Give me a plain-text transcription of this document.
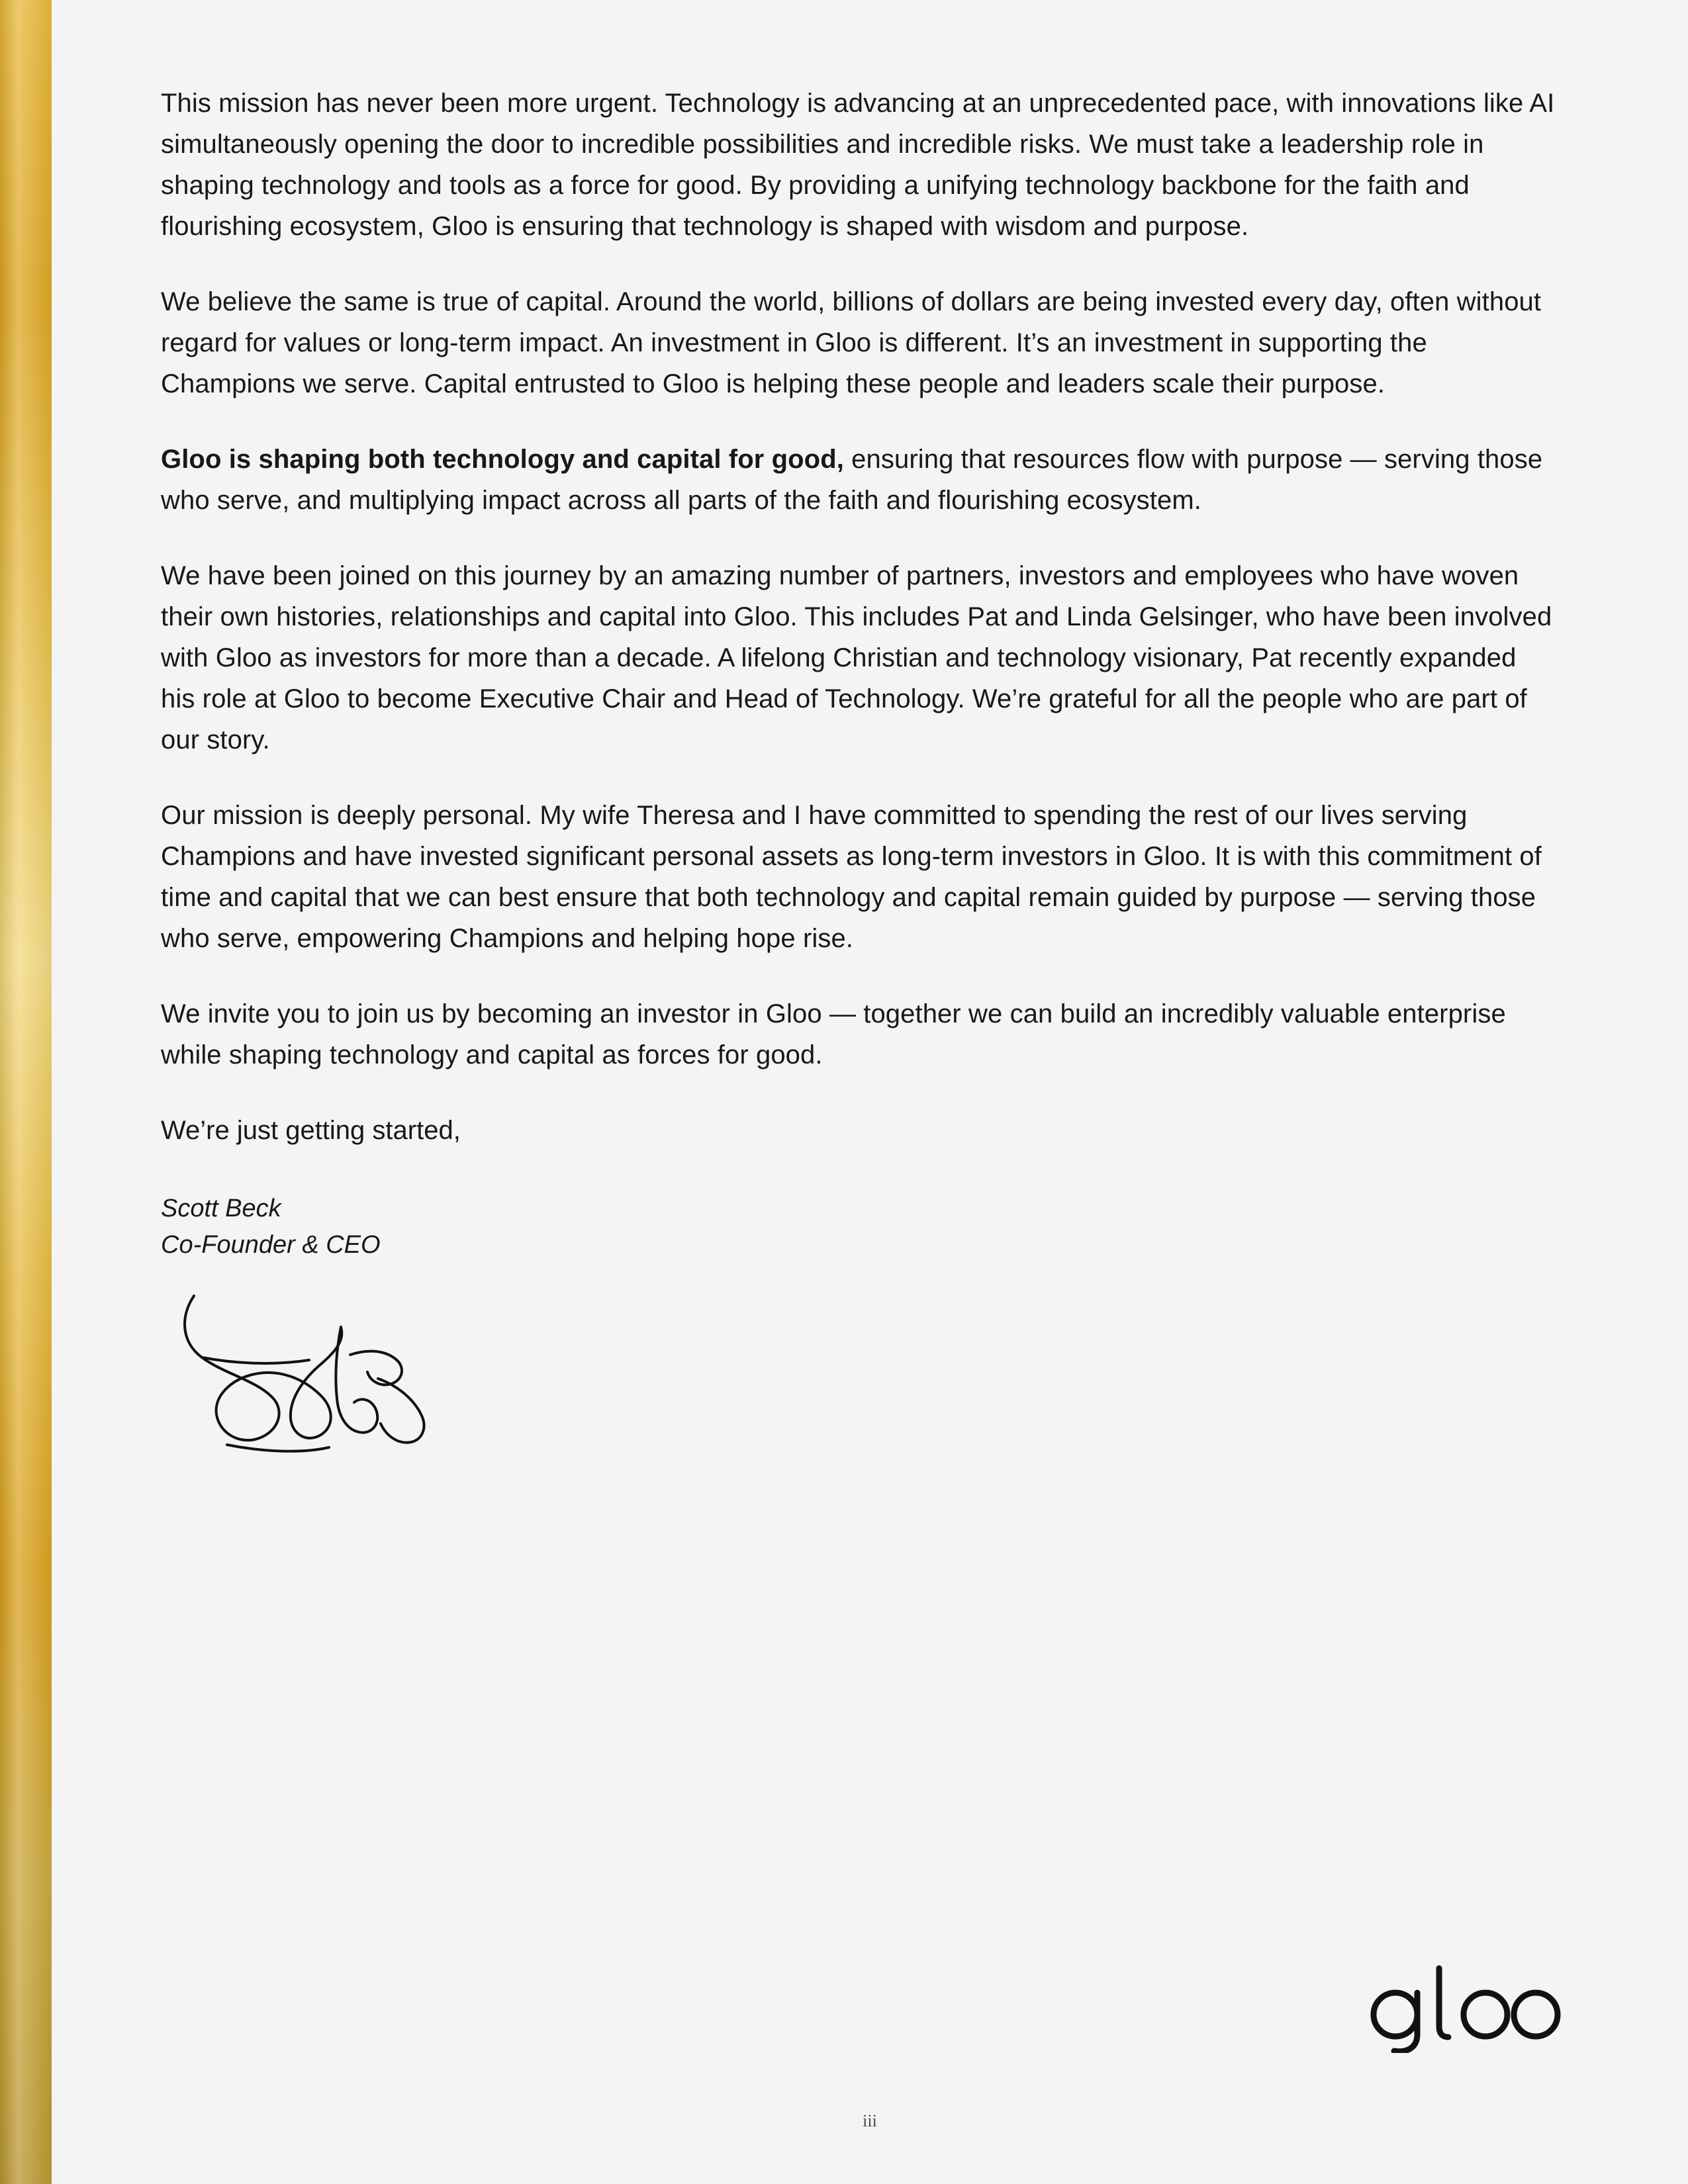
This mission has never been more urgent. Technology is advancing at an unprecedented pace, with innovations like AI simultaneously opening the door to incredible possibilities and incredible risks. We must take a leadership role in shaping technology and tools as a force for good. By providing a unifying technology backbone for the faith and flourishing ecosystem, Gloo is ensuring that technology is shaped with wisdom and purpose.

We believe the same is true of capital. Around the world, billions of dollars are being invested every day, often without regard for values or long-term impact. An investment in Gloo is different. It’s an investment in supporting the Champions we serve. Capital entrusted to Gloo is helping these people and leaders scale their purpose.

Gloo is shaping both technology and capital for good, ensuring that resources flow with purpose — serving those who serve, and multiplying impact across all parts of the faith and flourishing ecosystem.

We have been joined on this journey by an amazing number of partners, investors and employees who have woven their own histories, relationships and capital into Gloo. This includes Pat and Linda Gelsinger, who have been involved with Gloo as investors for more than a decade. A lifelong Christian and technology visionary, Pat recently expanded his role at Gloo to become Executive Chair and Head of Technology. We’re grateful for all the people who are part of our story.

Our mission is deeply personal. My wife Theresa and I have committed to spending the rest of our lives serving Champions and have invested significant personal assets as long-term investors in Gloo. It is with this commitment of time and capital that we can best ensure that both technology and capital remain guided by purpose — serving those who serve, empowering Champions and helping hope rise.

We invite you to join us by becoming an investor in Gloo — together we can build an incredibly valuable enterprise while shaping technology and capital as forces for good.

We’re just getting started,

Scott Beck

Co-Founder & CEO

iii
